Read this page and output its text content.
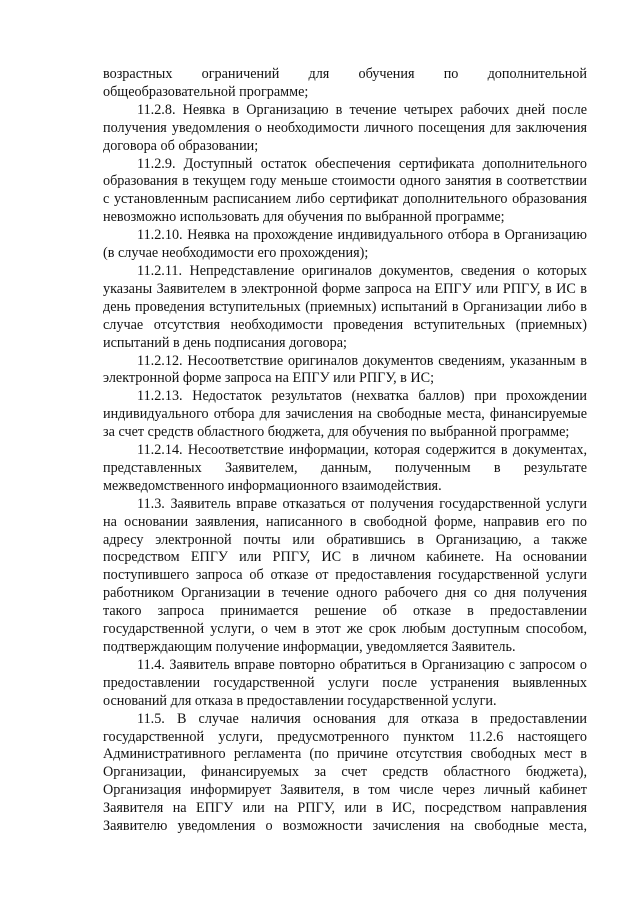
возрастных ограничений для обучения по дополнительной общеобразовательной программе;

11.2.8. Неявка в Организацию в течение четырех рабочих дней после получения уведомления о необходимости личного посещения для заключения договора об образовании;

11.2.9. Доступный остаток обеспечения сертификата дополнительного образования в текущем году меньше стоимости одного занятия в соответствии с установленным расписанием либо сертификат дополнительного образования невозможно использовать для обучения по выбранной программе;

11.2.10. Неявка на прохождение индивидуального отбора в Организацию (в случае необходимости его прохождения);

11.2.11. Непредставление оригиналов документов, сведения о которых указаны Заявителем в электронной форме запроса на ЕПГУ или РПГУ, в ИС в день проведения вступительных (приемных) испытаний в Организации либо в случае отсутствия необходимости проведения вступительных (приемных) испытаний в день подписания договора;

11.2.12. Несоответствие оригиналов документов сведениям, указанным в электронной форме запроса на ЕПГУ или РПГУ, в ИС;

11.2.13. Недостаток результатов (нехватка баллов) при прохождении индивидуального отбора для зачисления на свободные места, финансируемые за счет средств областного бюджета, для обучения по выбранной программе;

11.2.14. Несоответствие информации, которая содержится в документах, представленных Заявителем, данным, полученным в результате межведомственного информационного взаимодействия.

11.3. Заявитель вправе отказаться от получения государственной услуги на основании заявления, написанного в свободной форме, направив его по адресу электронной почты или обратившись в Организацию, а также посредством ЕПГУ или РПГУ, ИС в личном кабинете. На основании поступившего запроса об отказе от предоставления государственной услуги работником Организации в течение одного рабочего дня со дня получения такого запроса принимается решение об отказе в предоставлении государственной услуги, о чем в этот же срок любым доступным способом, подтверждающим получение информации, уведомляется Заявитель.

11.4. Заявитель вправе повторно обратиться в Организацию с запросом о предоставлении государственной услуги после устранения выявленных оснований для отказа в предоставлении государственной услуги.

11.5. В случае наличия основания для отказа в предоставлении государственной услуги, предусмотренного пунктом 11.2.6 настоящего Административного регламента (по причине отсутствия свободных мест в Организации, финансируемых за счет средств областного бюджета), Организация информирует Заявителя, в том числе через личный кабинет Заявителя на ЕПГУ или на РПГУ, или в ИС, посредством направления Заявителю уведомления о возможности зачисления на свободные места,
